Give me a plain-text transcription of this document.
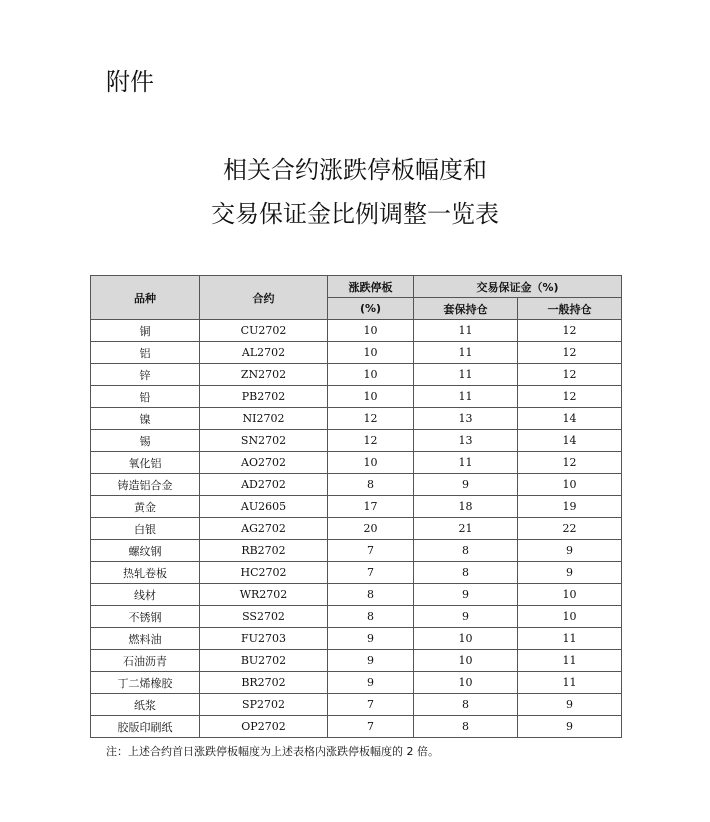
附件
相关合约涨跌停板幅度和
交易保证金比例调整一览表
品种	合约	涨跌停板	交易保证金（%)	
		(%)	套保持仓	一般持仓
铜	CU2702	10	11	12
铝	AL2702	10	11	12
锌	ZN2702	10	11	12
铅	PB2702	10	11	12
镍	NI2702	12	13	14
锡	SN2702	12	13	14
氧化铝	AO2702	10	11	12
铸造铝合金	AD2702	8	9	10
黄金	AU2605	17	18	19
白银	AG2702	20	21	22
螺纹钢	RB2702	7	8	9
热轧卷板	HC2702	7	8	9
线材	WR2702	8	9	10
不锈钢	SS2702	8	9	10
燃料油	FU2703	9	10	11
石油沥青	BU2702	9	10	11
丁二烯橡胶	BR2702	9	10	11
纸浆	SP2702	7	8	9
胶版印刷纸	OP2702	7	8	9
注：上述合约首日涨跌停板幅度为上述表格内涨跌停板幅度的 2 倍。
